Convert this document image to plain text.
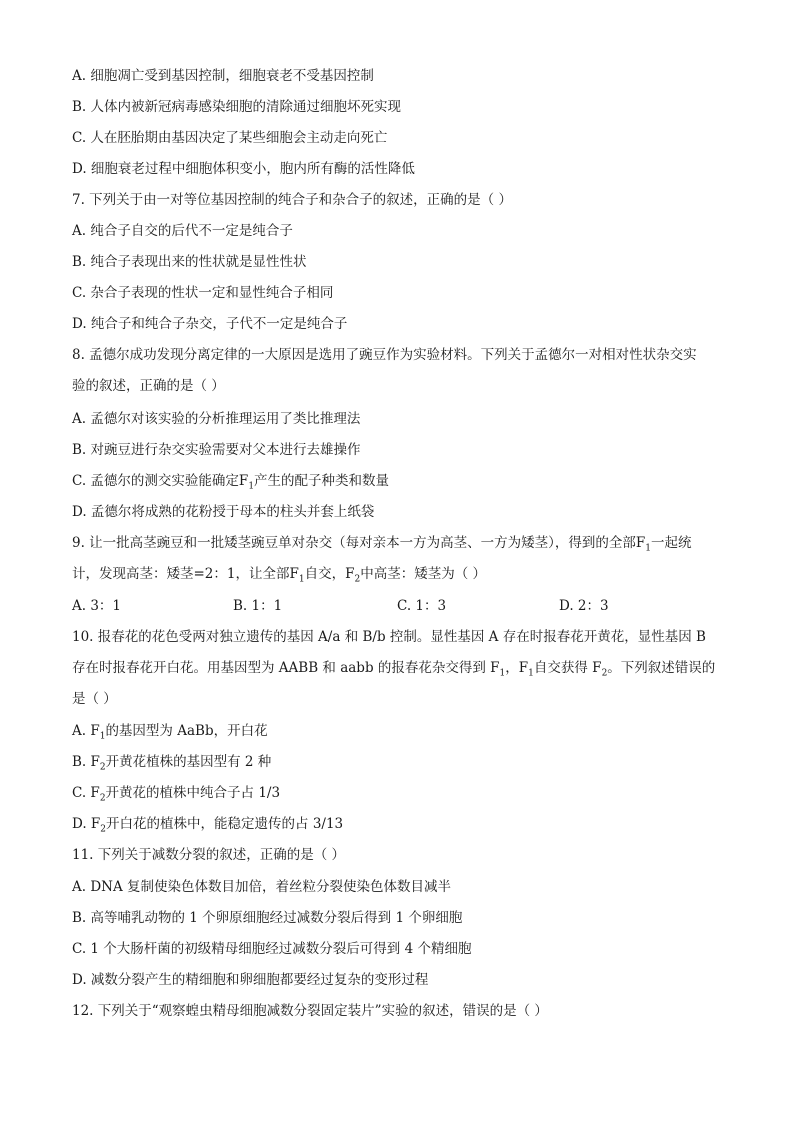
A. 细胞凋亡受到基因控制，细胞衰老不受基因控制
B. 人体内被新冠病毒感染细胞的清除通过细胞坏死实现
C. 人在胚胎期由基因决定了某些细胞会主动走向死亡
D. 细胞衰老过程中细胞体积变小，胞内所有酶的活性降低
7. 下列关于由一对等位基因控制的纯合子和杂合子的叙述，正确的是（ ）
A. 纯合子自交的后代不一定是纯合子
B. 纯合子表现出来的性状就是显性性状
C. 杂合子表现的性状一定和显性纯合子相同
D. 纯合子和纯合子杂交，子代不一定是纯合子
8. 孟德尔成功发现分离定律的一大原因是选用了豌豆作为实验材料。下列关于孟德尔一对相对性状杂交实
验的叙述，正确的是（ ）
A. 孟德尔对该实验的分析推理运用了类比推理法
B. 对豌豆进行杂交实验需要对父本进行去雄操作
C. 孟德尔的测交实验能确定$F_1$产生的配子种类和数量
D. 孟德尔将成熟的花粉授于母本的柱头并套上纸袋
9. 让一批高茎豌豆和一批矮茎豌豆单对杂交（每对亲本一方为高茎、一方为矮茎），得到的全部$F_1$一起统
计，发现高茎：矮茎=2：1，让全部$F_1$自交，$F_2$中高茎：矮茎为（ ）
A. 3：1	B. 1：1	C. 1：3	D. 2：3
10. 报春花的花色受两对独立遗传的基因 A/a 和 B/b 控制。显性基因 A 存在时报春花开黄花，显性基因 B
存在时报春花开白花。用基因型为 AABB 和 aabb 的报春花杂交得到 $F_1$，$F_1$自交获得 $F_2$。下列叙述错误的
是（ ）
A. $F_1$的基因型为 AaBb，开白花
B. $F_2$开黄花植株的基因型有 2 种
C. $F_2$开黄花的植株中纯合子占 1/3
D. $F_2$开白花的植株中，能稳定遗传的占 3/13
11. 下列关于减数分裂的叙述，正确的是（ ）
A. DNA 复制使染色体数目加倍，着丝粒分裂使染色体数目减半
B. 高等哺乳动物的 1 个卵原细胞经过减数分裂后得到 1 个卵细胞
C. 1 个大肠杆菌的初级精母细胞经过减数分裂后可得到 4 个精细胞
D. 减数分裂产生的精细胞和卵细胞都要经过复杂的变形过程
12. 下列关于“观察蝗虫精母细胞减数分裂固定装片”实验的叙述，错误的是（ ）
